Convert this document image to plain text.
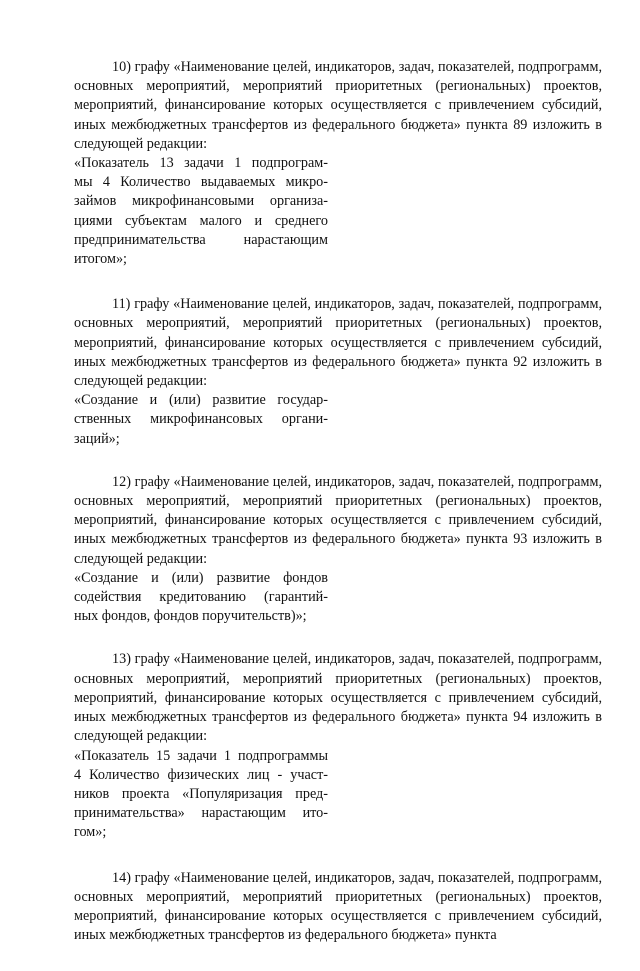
10) графу «Наименование целей, индикаторов, задач, показателей, подпрограмм, основных мероприятий, мероприятий приоритетных (региональных) проектов, мероприятий, финансирование которых осуществляется с привлечением субсидий, иных межбюджетных трансфертов из федерального бюджета» пункта 89 изложить в следующей редакции:

«Показатель 13 задачи 1 подпрограм-
мы 4 Количество выдаваемых микро-
займов микрофинансовыми организа-
циями субъектам малого и среднего
предпринимательства нарастающим
итогом»;

11) графу «Наименование целей, индикаторов, задач, показателей, подпрограмм, основных мероприятий, мероприятий приоритетных (региональных) проектов, мероприятий, финансирование которых осуществляется с привлечением субсидий, иных межбюджетных трансфертов из федерального бюджета» пункта 92 изложить в следующей редакции:

«Создание и (или) развитие государ-
ственных микрофинансовых органи-
заций»;

12) графу «Наименование целей, индикаторов, задач, показателей, подпрограмм, основных мероприятий, мероприятий приоритетных (региональных) проектов, мероприятий, финансирование которых осуществляется с привлечением субсидий, иных межбюджетных трансфертов из федерального бюджета» пункта 93 изложить в следующей редакции:

«Создание и (или) развитие фондов
содействия кредитованию (гарантий-
ных фондов, фондов поручительств)»;

13) графу «Наименование целей, индикаторов, задач, показателей, подпрограмм, основных мероприятий, мероприятий приоритетных (региональных) проектов, мероприятий, финансирование которых осуществляется с привлечением субсидий, иных межбюджетных трансфертов из федерального бюджета» пункта 94 изложить в следующей редакции:

«Показатель 15 задачи 1 подпрограммы
4 Количество физических лиц - участ-
ников проекта «Популяризация пред-
принимательства» нарастающим ито-
гом»;

14) графу «Наименование целей, индикаторов, задач, показателей, подпрограмм, основных мероприятий, мероприятий приоритетных (региональных) проектов, мероприятий, финансирование которых осуществляется с привлечением субсидий, иных межбюджетных трансфертов из федерального бюджета» пункта
